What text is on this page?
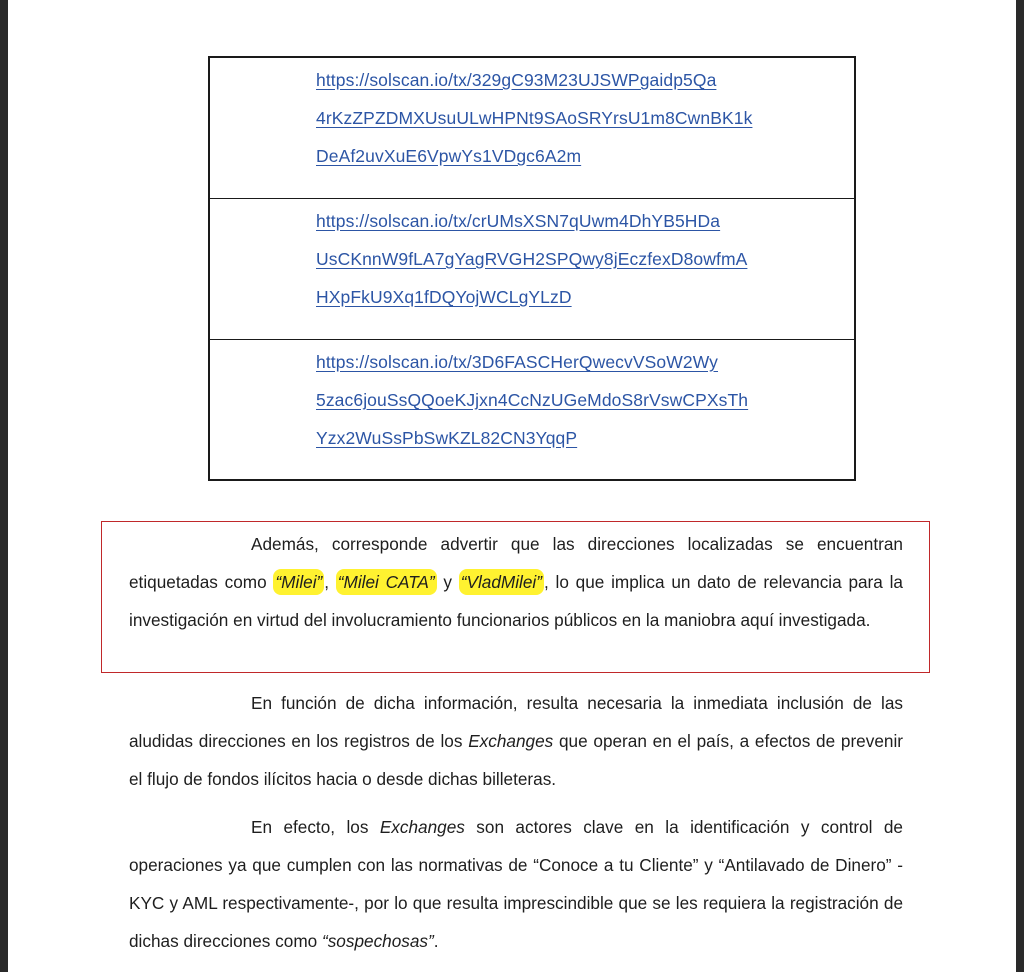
https://solscan.io/tx/329gC93M23UJSWPgaidp5Qa
4rKzZPZDMXUsuULwHPNt9SAoSRYrsU1m8CwnBK1k
DeAf2uvXuE6VpwYs1VDgc6A2m
https://solscan.io/tx/crUMsXSN7qUwm4DhYB5HDa
UsCKnnW9fLA7gYagRVGH2SPQwy8jEczfexD8owfmA
HXpFkU9Xq1fDQYojWCLgYLzD
https://solscan.io/tx/3D6FASCHerQwecvVSoW2Wy
5zac6jouSsQQoeKJjxn4CcNzUGeMdoS8rVswCPXsTh
Yzx2WuSsPbSwKZL82CN3YqqP

Además, corresponde advertir que las direcciones localizadas se encuentran etiquetadas como “Milei” , “Milei CATA” y “VladMilei” , lo que implica un dato de relevancia para la investigación en virtud del involucramiento funcionarios públicos en la maniobra aquí investigada.

En función de dicha información, resulta necesaria la inmediata inclusión de las aludidas direcciones en los registros de los Exchanges que operan en el país, a efectos de prevenir el flujo de fondos ilícitos hacia o desde dichas billeteras.

En efecto, los Exchanges son actores clave en la identificación y control de operaciones ya que cumplen con las normativas de “Conoce a tu Cliente” y “Antilavado de Dinero” -KYC y AML respectivamente-, por lo que resulta imprescindible que se les requiera la registración de dichas direcciones como “sospechosas”.
